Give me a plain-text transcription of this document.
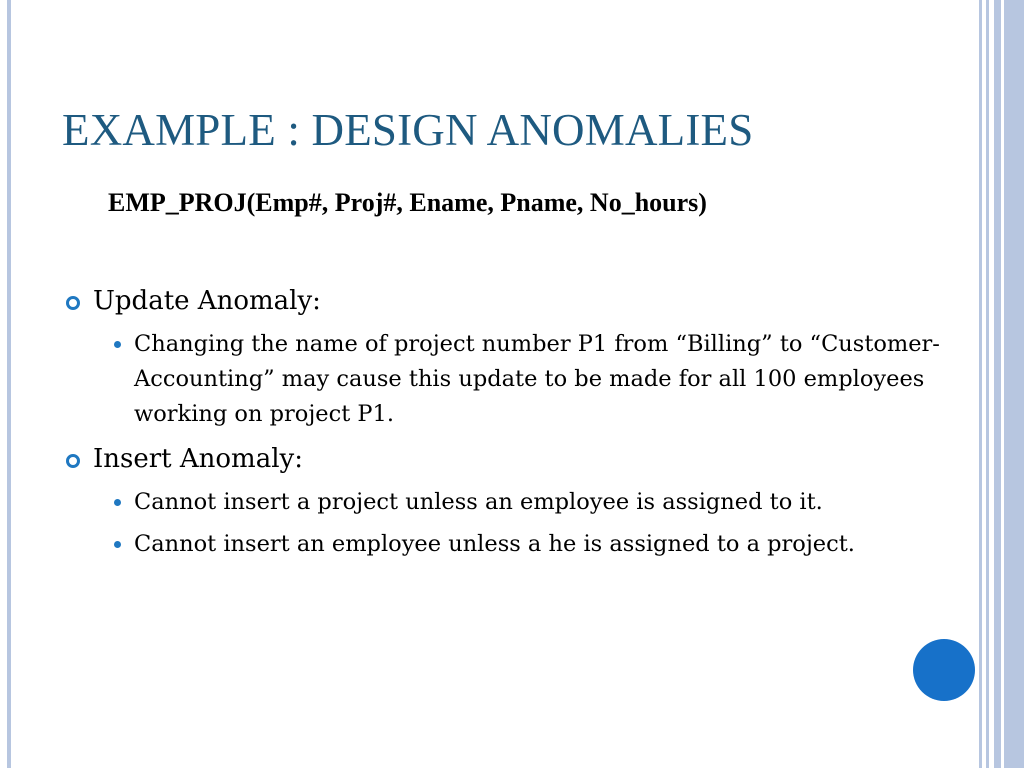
EXAMPLE : DESIGN ANOMALIES
EMP_PROJ(Emp#, Proj#, Ename, Pname, No_hours)
Update Anomaly:
Changing the name of project number P1 from “Billing” to “Customer-Accounting” may cause this update to be made for all 100 employees working on project P1.
Insert Anomaly:
Cannot insert a project unless an employee is assigned to it.
Cannot insert an employee unless a he is assigned to a project.
